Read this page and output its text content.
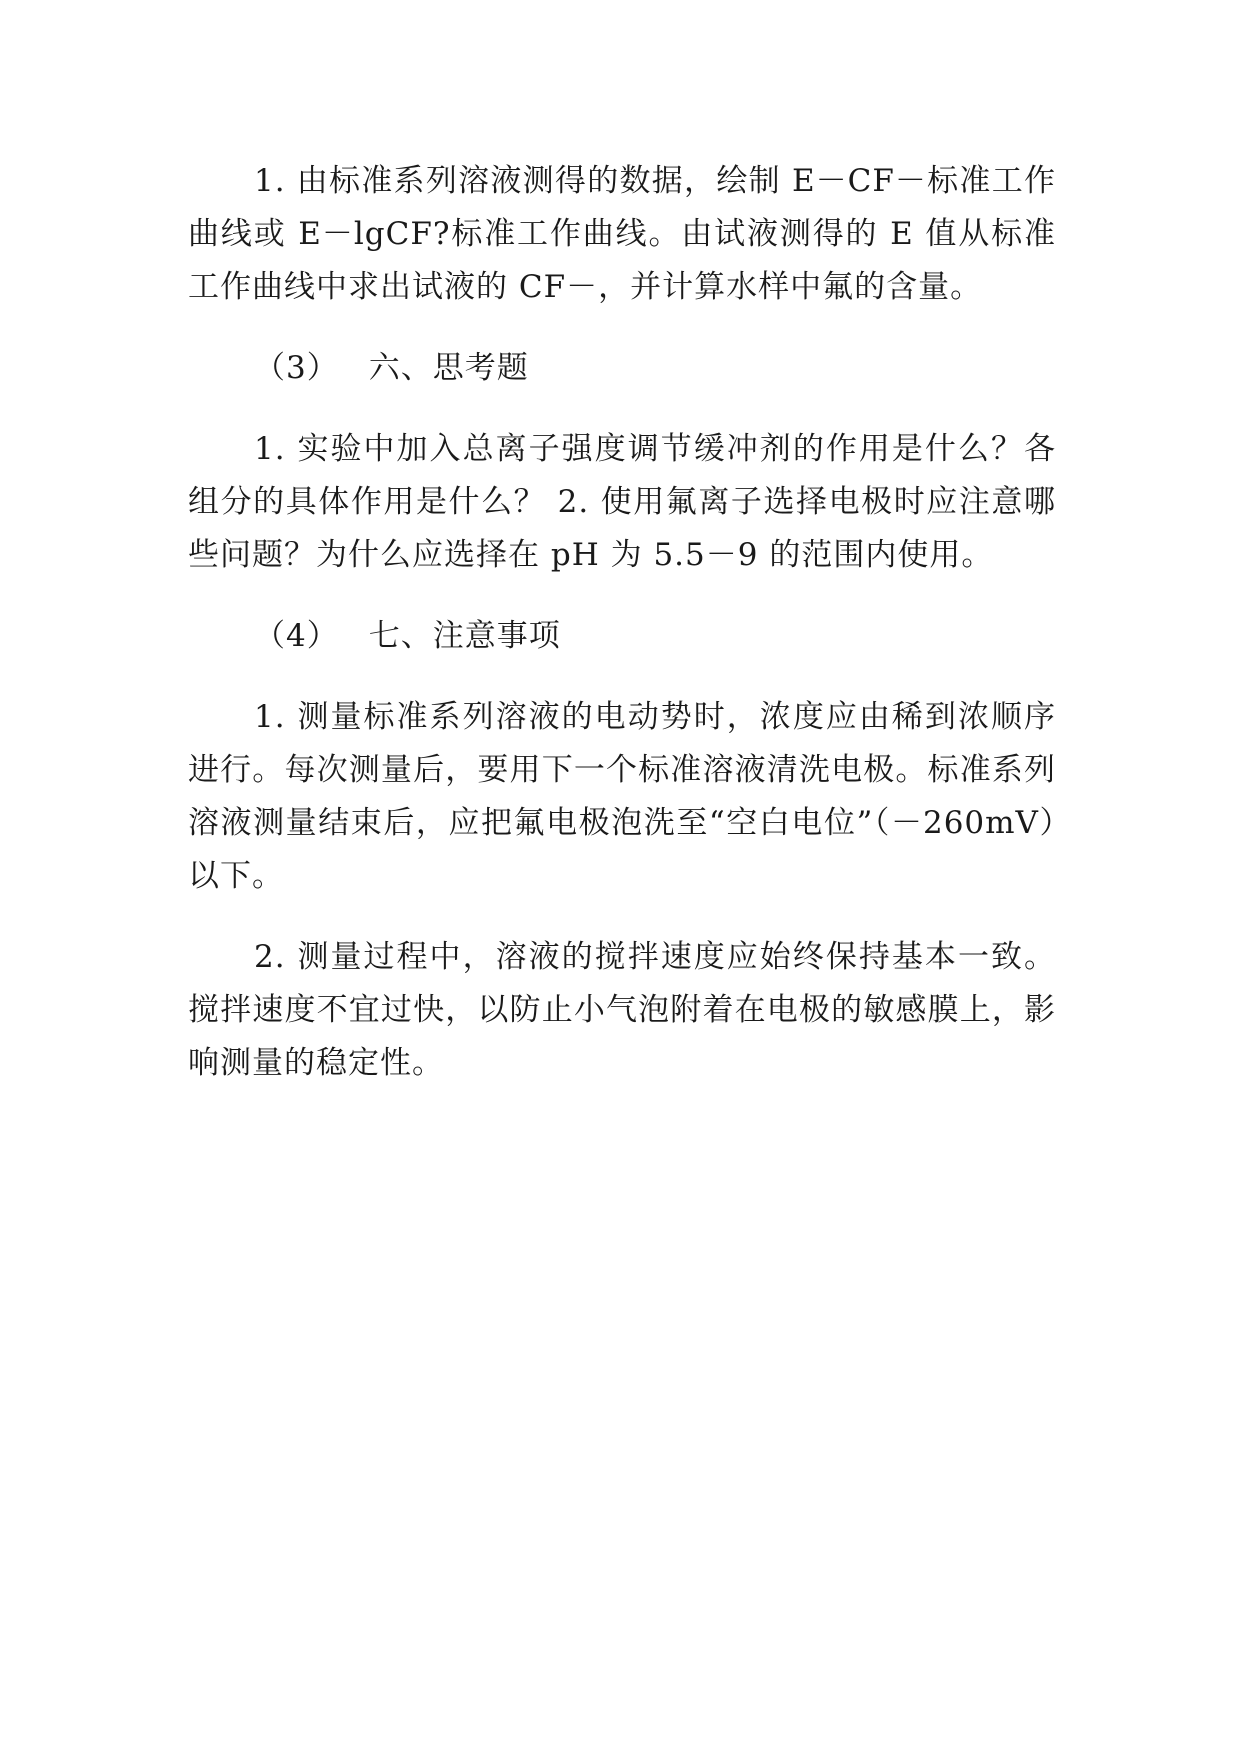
1. 由标准系列溶液测得的数据，绘制 E－CF－标准工作曲线或 E－lgCF?标准工作曲线。由试液测得的 E 值从标准工作曲线中求出试液的 CF－，并计算水样中氟的含量。

（3） 六、思考题

1. 实验中加入总离子强度调节缓冲剂的作用是什么？各组分的具体作用是什么？ 2. 使用氟离子选择电极时应注意哪些问题？为什么应选择在 pH 为 5.5－9 的范围内使用。

（4） 七、注意事项

1. 测量标准系列溶液的电动势时，浓度应由稀到浓顺序进行。每次测量后，要用下一个标准溶液清洗电极。标准系列溶液测量结束后，应把氟电极泡洗至“空白电位”（－260mV）以下。

2. 测量过程中，溶液的搅拌速度应始终保持基本一致。搅拌速度不宜过快，以防止小气泡附着在电极的敏感膜上，影响测量的稳定性。
